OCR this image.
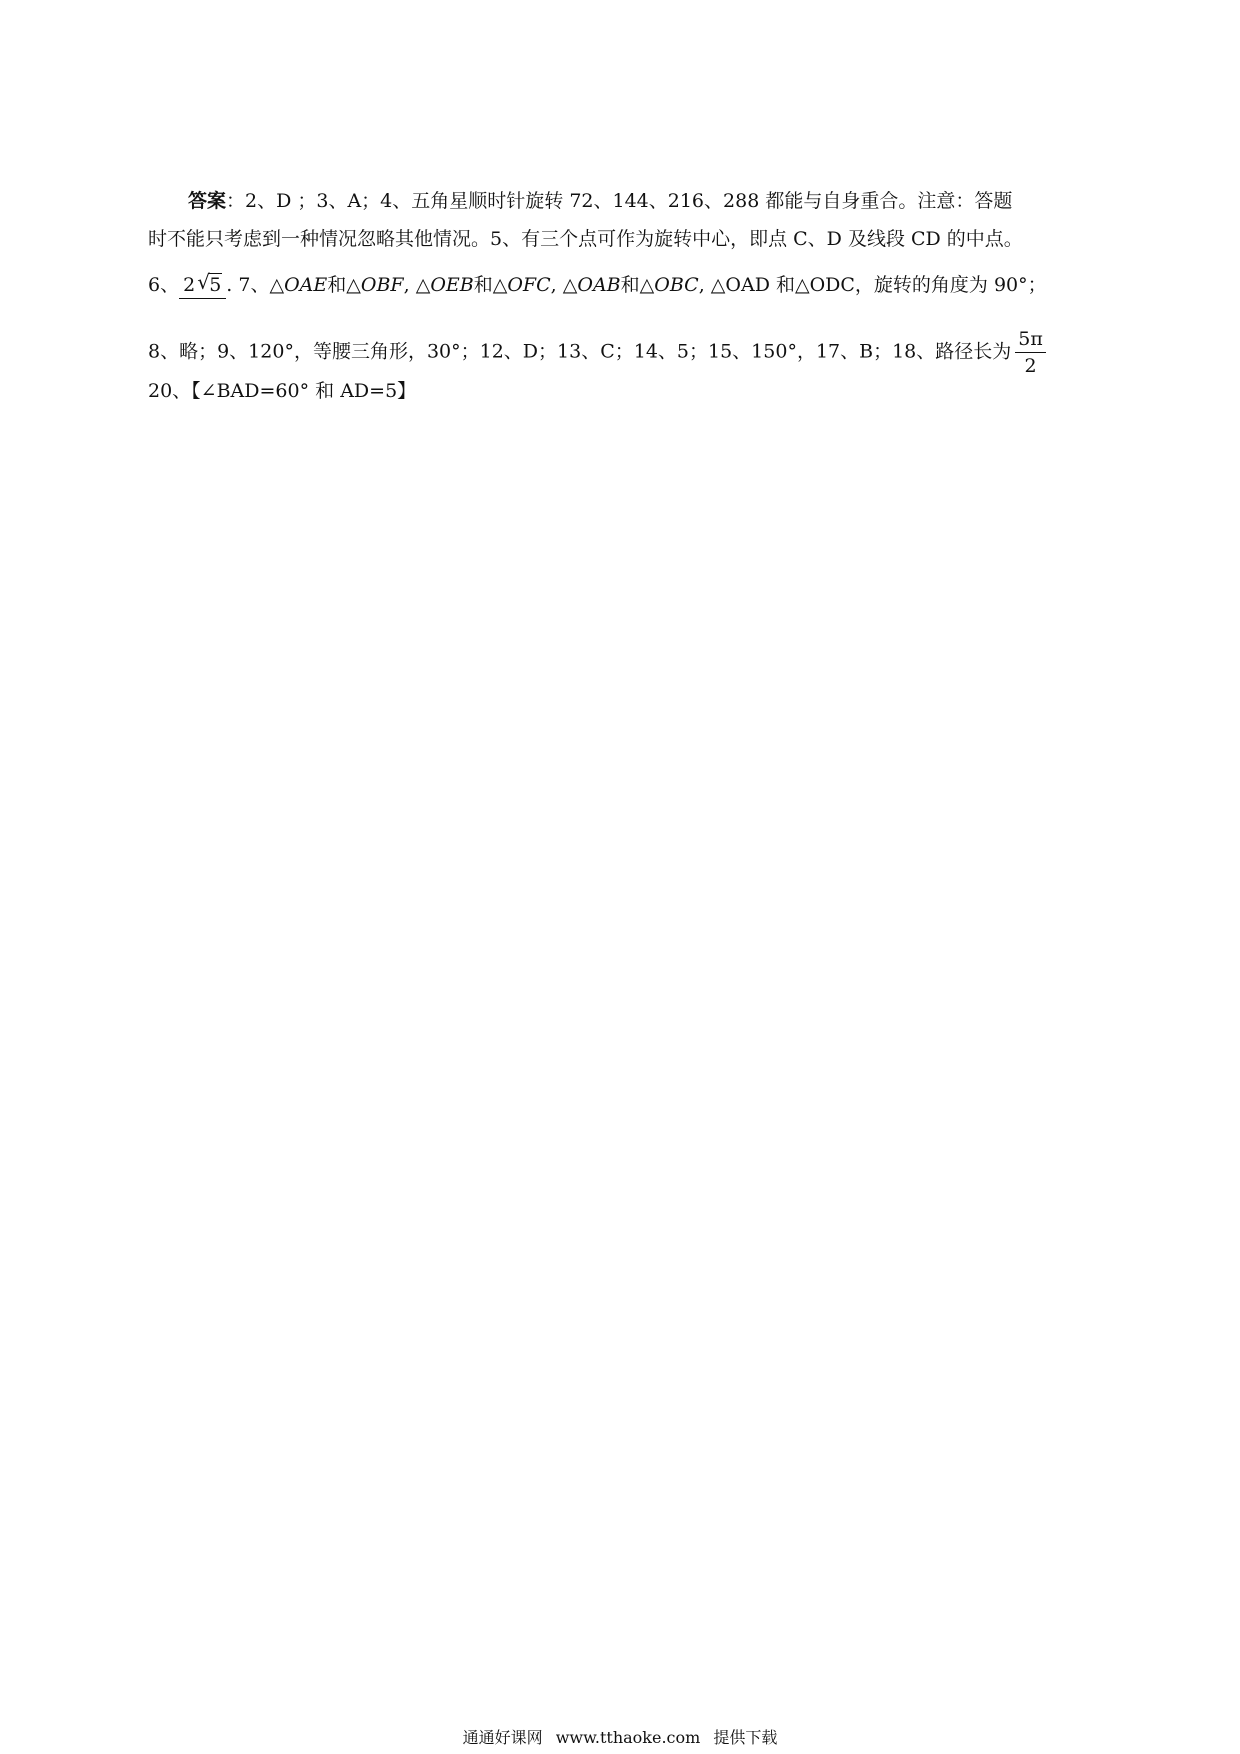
答案：2、D ；3、A；4、五角星顺时针旋转 72、144、216、288 都能与自身重合。注意：答题
时不能只考虑到一种情况忽略其他情况。5、有三个点可作为旋转中心，即点 C、D 及线段 CD 的中点。
6、 2 √ 5 . 7、△OAE和△OBF, △OEB和△OFC, △OAB和△OBC, △OAD 和△ODC，旋转的角度为 90°；
8、略；9、120°，等腰三角形，30°；12、D；13、C；14、5；15、150°，17、B；18、路径长为 $\frac{5\pi}{2}$
20、【∠BAD=60° 和 AD=5】
通通好课网 www.tthaoke.com 提供下载
